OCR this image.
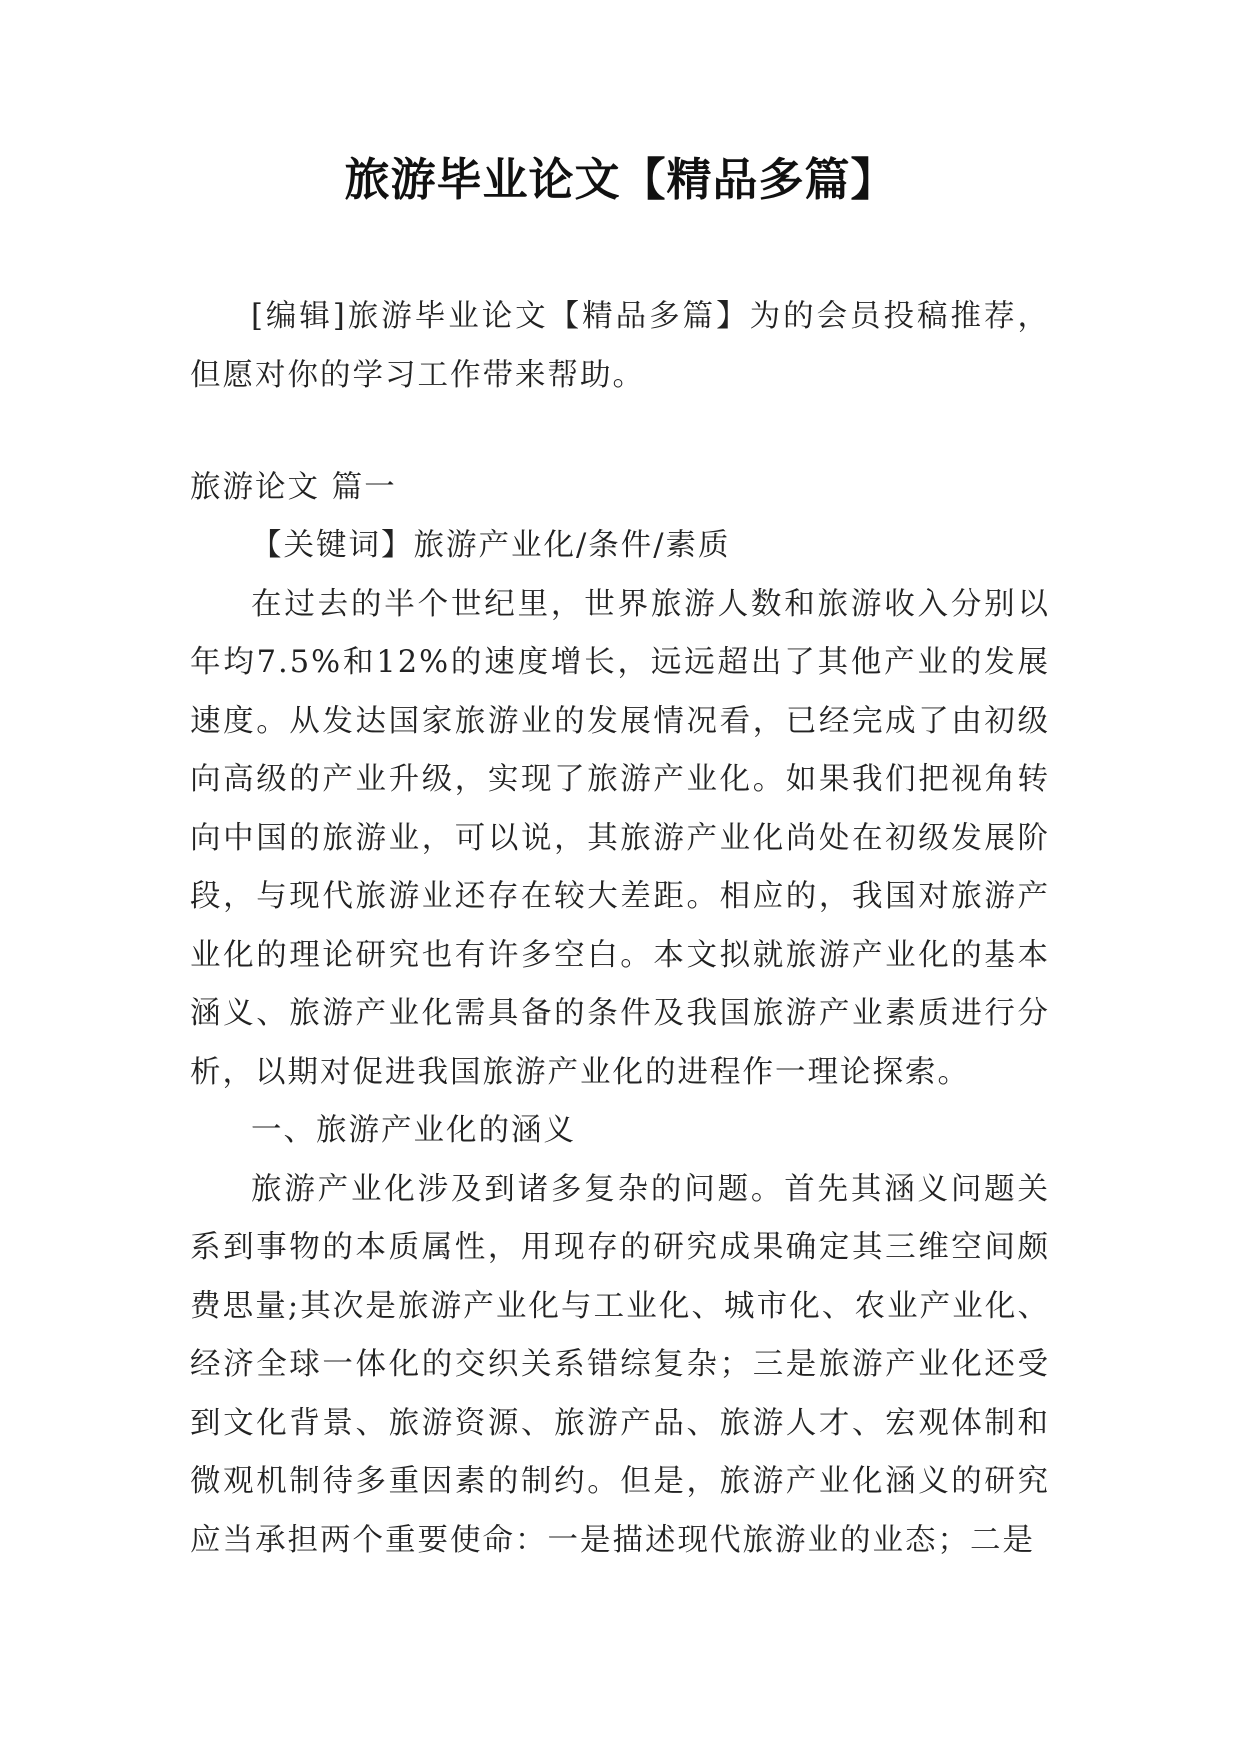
旅游毕业论文【精品多篇】
[编辑]旅游毕业论文【精品多篇】为的会员投稿推荐，但愿对你的学习工作带来帮助。
旅游论文 篇一

【关键词】旅游产业化/条件/素质

在过去的半个世纪里，世界旅游人数和旅游收入分别以年均7.5%和12%的速度增长，远远超出了其他产业的发展速度。从发达国家旅游业的发展情况看，已经完成了由初级向高级的产业升级，实现了旅游产业化。如果我们把视角转向中国的旅游业，可以说，其旅游产业化尚处在初级发展阶段，与现代旅游业还存在较大差距。相应的，我国对旅游产业化的理论研究也有许多空白。本文拟就旅游产业化的基本涵义、旅游产业化需具备的条件及我国旅游产业素质进行分析，以期对促进我国旅游产业化的进程作一理论探索。

一、旅游产业化的涵义

旅游产业化涉及到诸多复杂的问题。首先其涵义问题关系到事物的本质属性，用现存的研究成果确定其三维空间颇费思量;其次是旅游产业化与工业化、城市化、农业产业化、经济全球一体化的交织关系错综复杂；三是旅游产业化还受到文化背景、旅游资源、旅游产品、旅游人才、宏观体制和微观机制待多重因素的制约。但是，旅游产业化涵义的研究应当承担两个重要使命：一是描述现代旅游业的业态；二是
